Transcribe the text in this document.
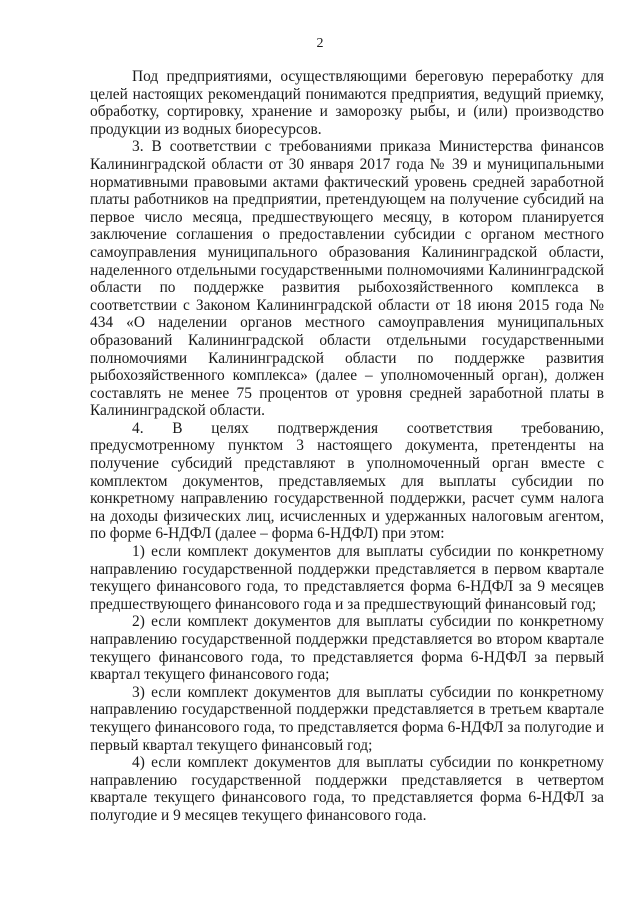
2

Под предприятиями, осуществляющими береговую переработку для целей настоящих рекомендаций понимаются предприятия, ведущий приемку, обработку, сортировку, хранение и заморозку рыбы, и (или) производство продукции из водных биоресурсов.

3. В соответствии с требованиями приказа Министерства финансов Калининградской области от 30 января 2017 года № 39 и муниципальными нормативными правовыми актами фактический уровень средней заработной платы работников на предприятии, претендующем на получение субсидий на первое число месяца, предшествующего месяцу, в котором планируется заключение соглашения о предоставлении субсидии с органом местного самоуправления муниципального образования Калининградской области, наделенного отдельными государственными полномочиями Калининградской области по поддержке развития рыбохозяйственного комплекса в соответствии с Законом Калининградской области от 18 июня 2015 года № 434 «О наделении органов местного самоуправления муниципальных образований Калининградской области отдельными государственными полномочиями Калининградской области по поддержке развития рыбохозяйственного комплекса» (далее – уполномоченный орган), должен составлять не менее 75 процентов от уровня средней заработной платы в Калининградской области.

4. В целях подтверждения соответствия требованию, предусмотренному пунктом 3 настоящего документа, претенденты на получение субсидий представляют в уполномоченный орган вместе с комплектом документов, представляемых для выплаты субсидии по конкретному направлению государственной поддержки, расчет сумм налога на доходы физических лиц, исчисленных и удержанных налоговым агентом, по форме 6-НДФЛ (далее – форма 6-НДФЛ) при этом:

1) если комплект документов для выплаты субсидии по конкретному направлению государственной поддержки представляется в первом квартале текущего финансового года, то представляется форма 6-НДФЛ за 9 месяцев предшествующего финансового года и за предшествующий финансовый год;

2) если комплект документов для выплаты субсидии по конкретному направлению государственной поддержки представляется во втором квартале текущего финансового года, то представляется форма 6-НДФЛ за первый квартал текущего финансового года;

3) если комплект документов для выплаты субсидии по конкретному направлению государственной поддержки представляется в третьем квартале текущего финансового года, то представляется форма 6-НДФЛ за полугодие и первый квартал текущего финансовый год;

4) если комплект документов для выплаты субсидии по конкретному направлению государственной поддержки представляется в четвертом квартале текущего финансового года, то представляется форма 6-НДФЛ за полугодие и 9 месяцев текущего финансового года.
